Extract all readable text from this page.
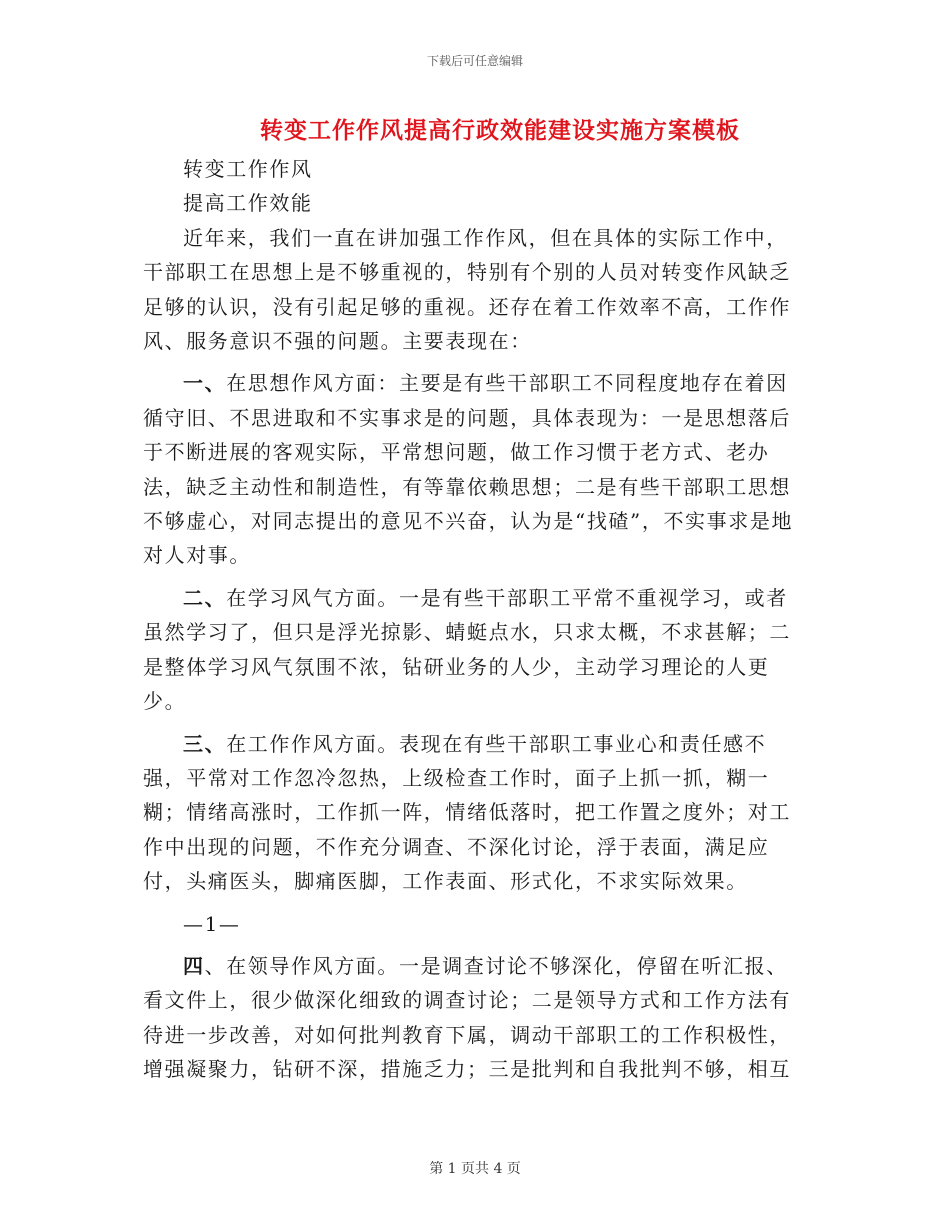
下载后可任意编辑
转变工作作风提高行政效能建设实施方案模板

转变工作作风

提高工作效能

近年来，我们一直在讲加强工作作风，但在具体的实际工作中，干部职工在思想上是不够重视的，特别有个别的人员对转变作风缺乏足够的认识，没有引起足够的重视。还存在着工作效率不高，工作作风、服务意识不强的问题。主要表现在：

一、在思想作风方面：主要是有些干部职工不同程度地存在着因循守旧、不思进取和不实事求是的问题，具体表现为：一是思想落后于不断进展的客观实际，平常想问题，做工作习惯于老方式、老办法，缺乏主动性和制造性，有等靠依赖思想；二是有些干部职工思想不够虚心，对同志提出的意见不兴奋，认为是“找碴”，不实事求是地对人对事。

二、在学习风气方面。一是有些干部职工平常不重视学习，或者虽然学习了，但只是浮光掠影、蜻蜓点水，只求太概，不求甚解；二是整体学习风气氛围不浓，钻研业务的人少，主动学习理论的人更少。

三、在工作作风方面。表现在有些干部职工事业心和责任感不强，平常对工作忽冷忽热，上级检查工作时，面子上抓一抓，糊一糊；情绪高涨时，工作抓一阵，情绪低落时，把工作置之度外；对工作中出现的问题，不作充分调查、不深化讨论，浮于表面，满足应付，头痛医头，脚痛医脚，工作表面、形式化，不求实际效果。

—1—

四、在领导作风方面。一是调查讨论不够深化，停留在听汇报、看文件上，很少做深化细致的调查讨论；二是领导方式和工作方法有待进一步改善，对如何批判教育下属，调动干部职工的工作积极性，增强凝聚力，钻研不深，措施乏力；三是批判和自我批判不够，相互

第 1 页共 4 页
